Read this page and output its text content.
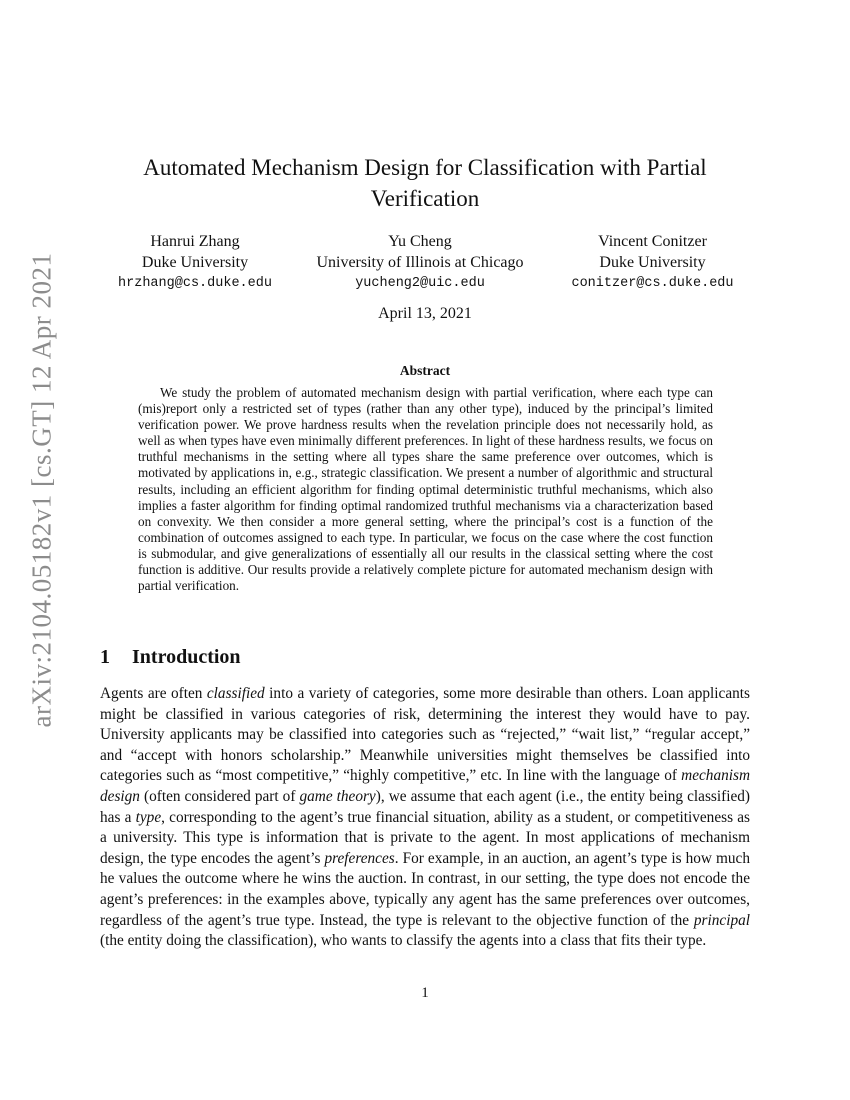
arXiv:2104.05182v1 [cs.GT] 12 Apr 2021
Automated Mechanism Design for Classification with Partial
Verification
Hanrui Zhang
Duke University
hrzhang@cs.duke.edu
Yu Cheng
University of Illinois at Chicago
yucheng2@uic.edu
Vincent Conitzer
Duke University
conitzer@cs.duke.edu
April 13, 2021
Abstract

We study the problem of automated mechanism design with partial verification, where each type can (mis)report only a restricted set of types (rather than any other type), induced by the principal’s limited verification power. We prove hardness results when the revelation principle does not necessarily hold, as well as when types have even minimally different preferences. In light of these hardness results, we focus on truthful mechanisms in the setting where all types share the same preference over outcomes, which is motivated by applications in, e.g., strategic classification. We present a number of algorithmic and structural results, including an efficient algorithm for finding optimal deterministic truthful mechanisms, which also implies a faster algorithm for finding optimal randomized truthful mechanisms via a characterization based on convexity. We then consider a more general setting, where the principal’s cost is a function of the combination of outcomes assigned to each type. In particular, we focus on the case where the cost function is submodular, and give generalizations of essentially all our results in the classical setting where the cost function is additive. Our results provide a relatively complete picture for automated mechanism design with partial verification.

1 Introduction

Agents are often classified into a variety of categories, some more desirable than others. Loan applicants might be classified in various categories of risk, determining the interest they would have to pay. University applicants may be classified into categories such as “rejected,” “wait list,” “regular accept,” and “accept with honors scholarship.” Meanwhile universities might themselves be classified into categories such as “most competitive,” “highly competitive,” etc. In line with the language of mechanism design (often considered part of game theory), we assume that each agent (i.e., the entity being classified) has a type, corresponding to the agent’s true financial situation, ability as a student, or competitiveness as a university. This type is information that is private to the agent. In most applications of mechanism design, the type encodes the agent’s preferences. For example, in an auction, an agent’s type is how much he values the outcome where he wins the auction. In contrast, in our setting, the type does not encode the agent’s preferences: in the examples above, typically any agent has the same preferences over outcomes, regardless of the agent’s true type. Instead, the type is relevant to the objective function of the principal (the entity doing the classification), who wants to classify the agents into a class that fits their type.

1
